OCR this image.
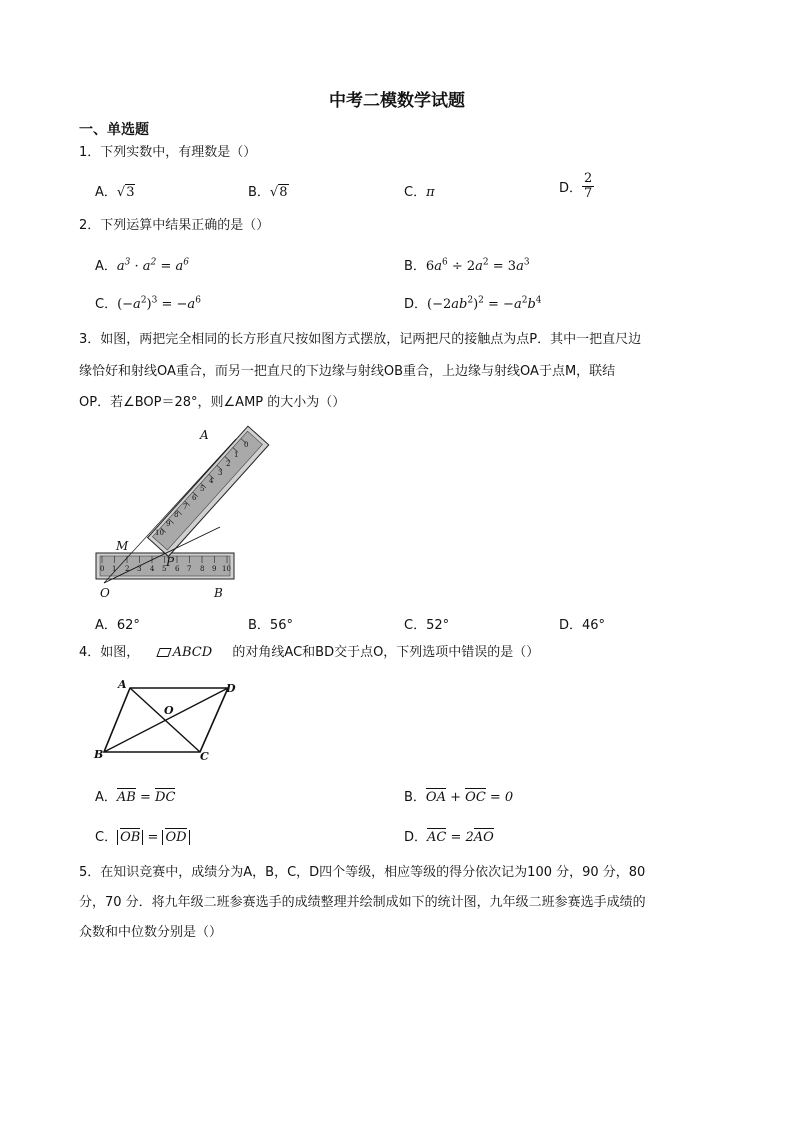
中考二模数学试题
一、单选题
1．下列实数中，有理数是（）
A．√3	B．√8	C．π	D． $\frac{2}{7}$
2．下列运算中结果正确的是（）
A．$a^3 \cdot a^2 = a^6$	B．$6a^6 \div 2a^2 = 3a^3$
C．$(-a^2)^3 = -a^6$	D．$(-2ab^2)^2 = -a^2b^4$
3．如图，两把完全相同的长方形直尺按如图方式摆放，记两把尺的接触点为点P．其中一把直尺边
缘恰好和射线OA重合，而另一把直尺的下边缘与射线OB重合，上边缘与射线OA于点M，联结
OP．若∠BOP＝28°，则∠AMP 的大小为（）
0 1 2 3 4 5 6 7 8 9 10
0
1
2
3
4
5
6
7
8
9
10
A
M
P
O	B
A．62°	B．56°	C．52°	D．46°
4．如图，	ABCD 的对角线AC和BD交于点O，下列选项中错误的是（）
A	D
O
B	C
A．AB = DC	B．OA + OC = 0
C． OB = OD	D．AC = 2AO
5．在知识竞赛中，成绩分为A，B，C，D四个等级，相应等级的得分依次记为100 分，90 分，80
分，70 分．将九年级二班参赛选手的成绩整理并绘制成如下的统计图，九年级二班参赛选手成绩的
众数和中位数分别是（）
